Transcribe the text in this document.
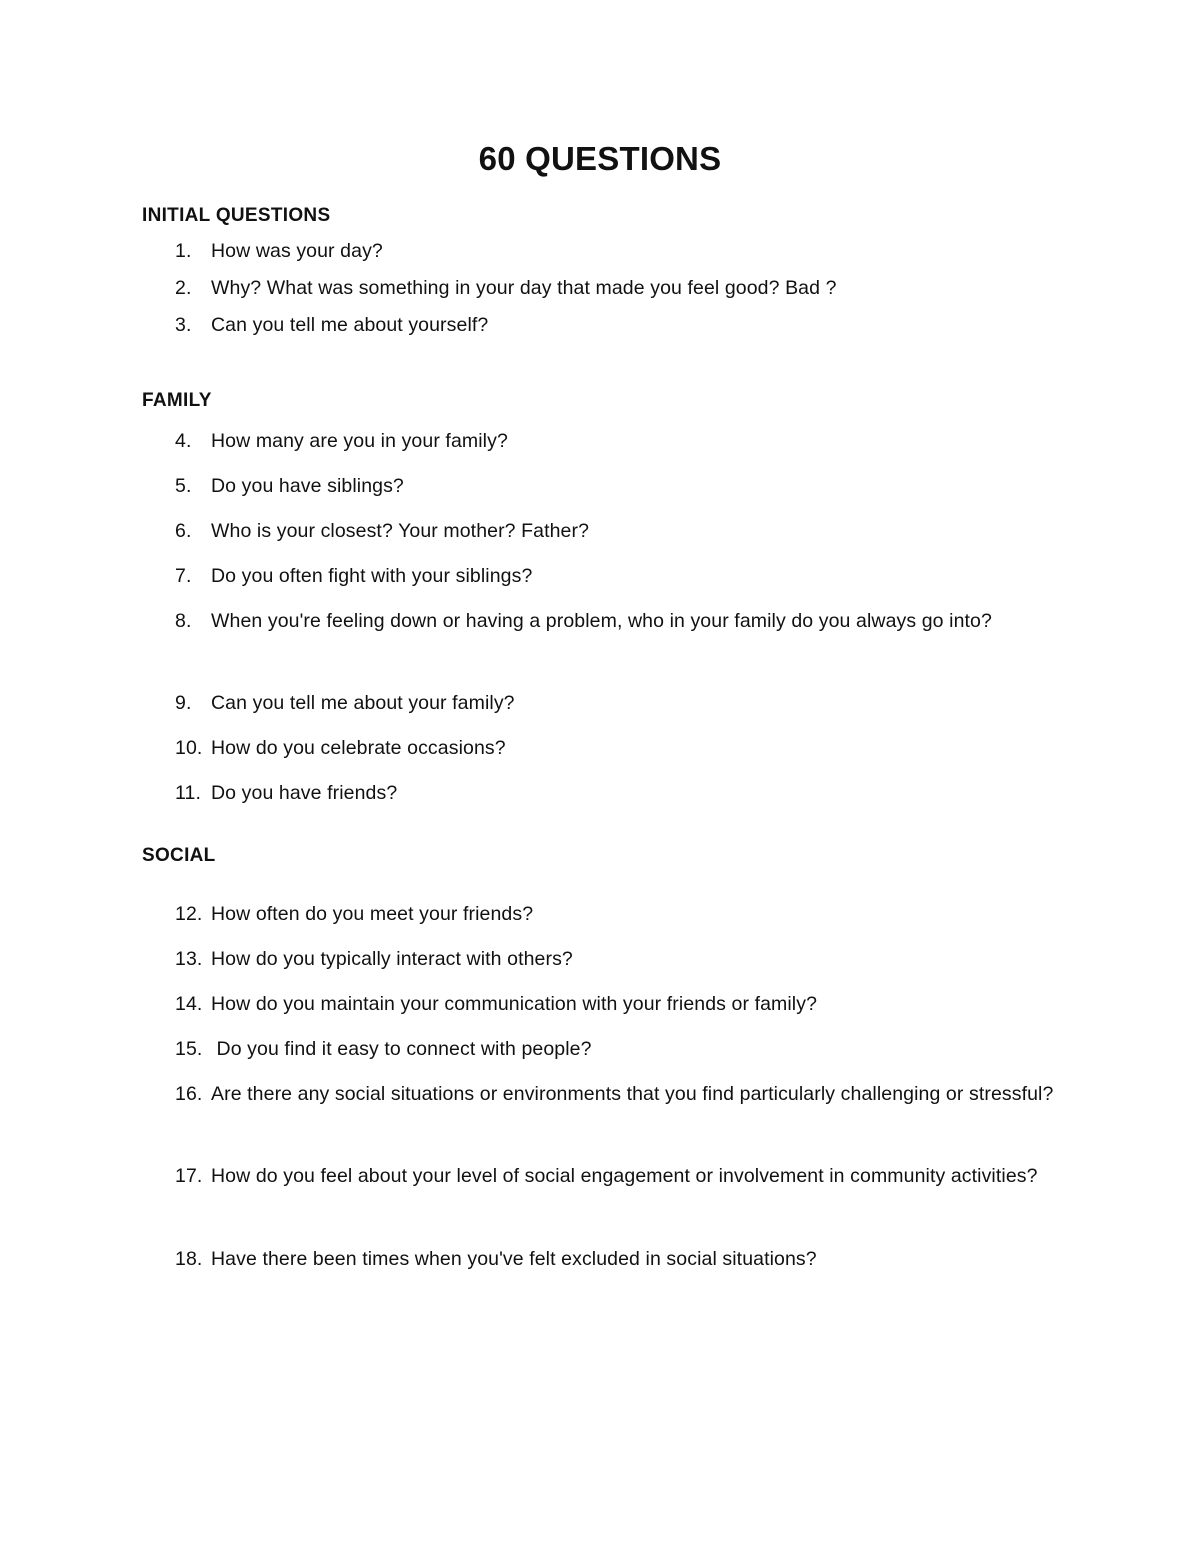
60 QUESTIONS
INITIAL QUESTIONS
1. How was your day?
2. Why? What was something in your day that made you feel good? Bad ?
3. Can you tell me about yourself?
FAMILY
4. How many are you in your family?
5. Do you have siblings?
6. Who is your closest? Your mother? Father?
7. Do you often fight with your siblings?
8. When you're feeling down or having a problem, who in your family do you always go into?
9. Can you tell me about your family?
10. How do you celebrate occasions?
11. Do you have friends?
SOCIAL
12. How often do you meet your friends?
13. How do you typically interact with others?
14. How do you maintain your communication with your friends or family?
15. Do you find it easy to connect with people?
16. Are there any social situations or environments that you find particularly challenging or stressful?
17. How do you feel about your level of social engagement or involvement in community activities?
18. Have there been times when you've felt excluded in social situations?
